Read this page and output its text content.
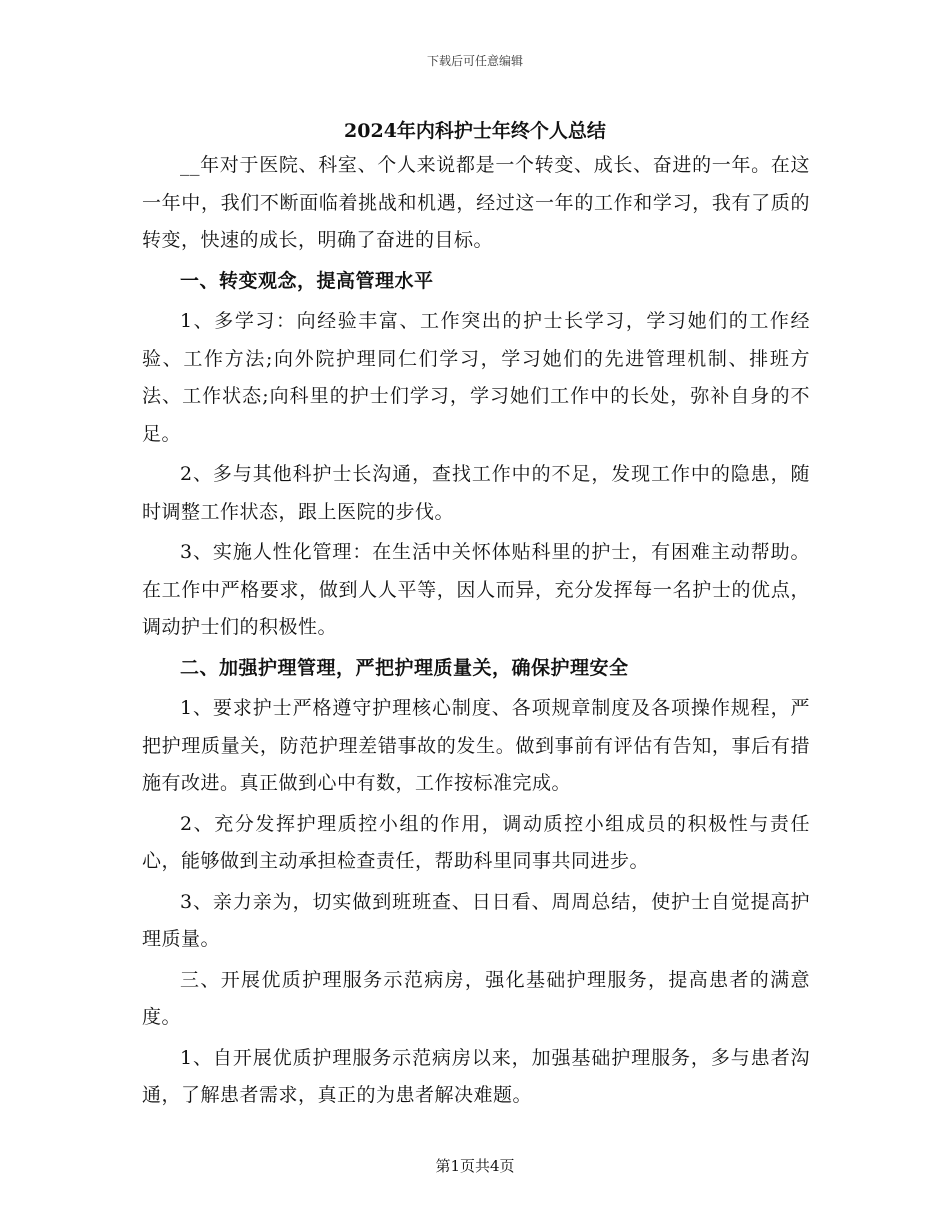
下载后可任意编辑
2024年内科护士年终个人总结

__年对于医院、科室、个人来说都是一个转变、成长、奋进的一年。在这一年中，我们不断面临着挑战和机遇，经过这一年的工作和学习，我有了质的转变，快速的成长，明确了奋进的目标。

一、转变观念，提高管理水平

1、多学习：向经验丰富、工作突出的护士长学习，学习她们的工作经验、工作方法;向外院护理同仁们学习，学习她们的先进管理机制、排班方法、工作状态;向科里的护士们学习，学习她们工作中的长处，弥补自身的不足。

2、多与其他科护士长沟通，查找工作中的不足，发现工作中的隐患，随时调整工作状态，跟上医院的步伐。

3、实施人性化管理：在生活中关怀体贴科里的护士，有困难主动帮助。在工作中严格要求，做到人人平等，因人而异，充分发挥每一名护士的优点，调动护士们的积极性。

二、加强护理管理，严把护理质量关，确保护理安全

1、要求护士严格遵守护理核心制度、各项规章制度及各项操作规程，严把护理质量关，防范护理差错事故的发生。做到事前有评估有告知，事后有措施有改进。真正做到心中有数，工作按标准完成。

2、充分发挥护理质控小组的作用，调动质控小组成员的积极性与责任心，能够做到主动承担检查责任，帮助科里同事共同进步。

3、亲力亲为，切实做到班班查、日日看、周周总结，使护士自觉提高护理质量。

三、开展优质护理服务示范病房，强化基础护理服务，提高患者的满意度。

1、自开展优质护理服务示范病房以来，加强基础护理服务，多与患者沟通，了解患者需求，真正的为患者解决难题。

第1页共4页
